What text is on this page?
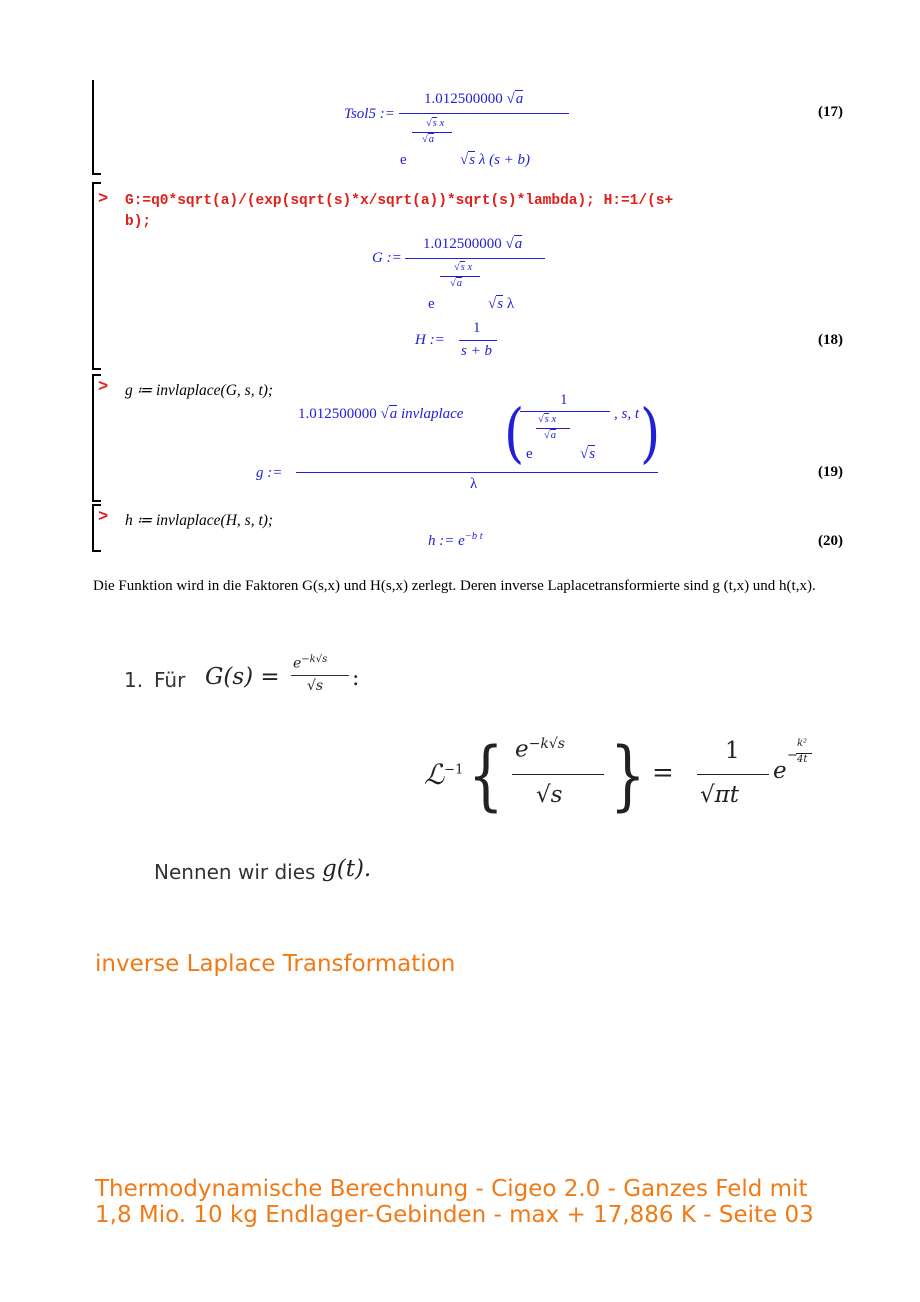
Tsol5 :=
1.012500000 √a
e
√s x
√a
√s λ (s + b)
(17)
> G:=q0*sqrt(a)/(exp(sqrt(s)*x/sqrt(a))*sqrt(s)*lambda); H:=1/(s+
b);
G :=
1.012500000 √a
e
√s x
√a
√s λ
H :=
1
s + b
(18)
> g ≔ invlaplace(G, s, t);
1.012500000 √a invlaplace ( 1
e
√s x
√a
√s
, s, t )
g :=
λ
(19)
> h ≔ invlaplace(H, s, t);
h := $e^{-b t}$	(20)
Die Funktion wird in die Faktoren G(s,x) und H(s,x) zerlegt. Deren inverse Laplacetransformierte sind g (t,x) und h(t,x).
1. Für G(s) =
$e^{-k√s}$
√s :
ℒ$^{-1}$ { $e^{-k√s}$
√s } =
1
√πt
e
−
k²
4t
Nennen wir dies g(t).
inverse Laplace Transformation
Thermodynamische Berechnung - Cigeo 2.0 - Ganzes Feld mit
1,8 Mio. 10 kg Endlager-Gebinden - max + 17,886 K - Seite 03
